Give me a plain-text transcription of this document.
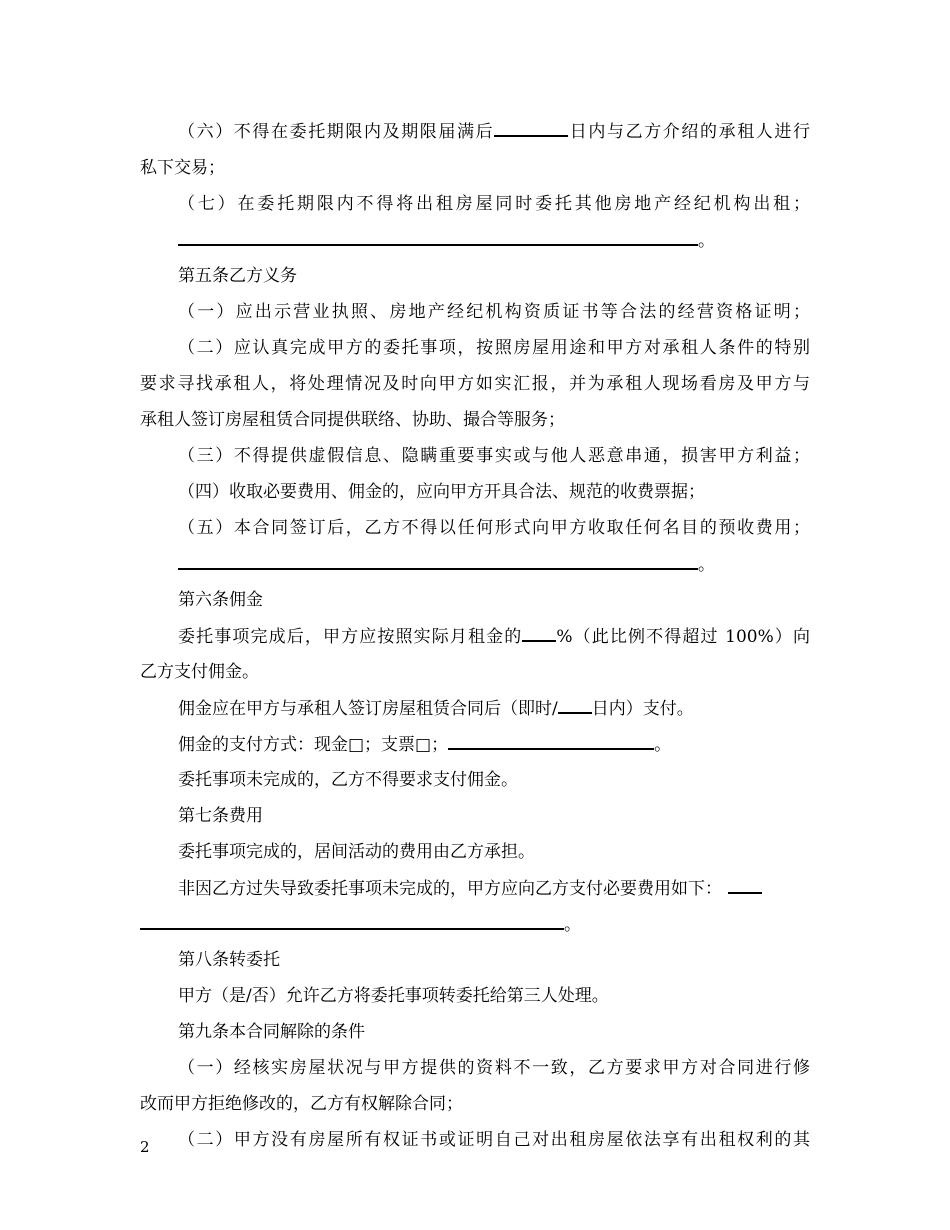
（六）不得在委托期限内及期限届满后	日内与乙方介绍的承租人进行
私下交易；
（七）在委托期限内不得将出租房屋同时委托其他房地产经纪机构出租；
。
第五条乙方义务
（一）应出示营业执照、房地产经纪机构资质证书等合法的经营资格证明；
（二）应认真完成甲方的委托事项，按照房屋用途和甲方对承租人条件的特别
要求寻找承租人，将处理情况及时向甲方如实汇报，并为承租人现场看房及甲方与
承租人签订房屋租赁合同提供联络、协助、撮合等服务；
（三）不得提供虚假信息、隐瞒重要事实或与他人恶意串通，损害甲方利益；
（四）收取必要费用、佣金的，应向甲方开具合法、规范的收费票据；
（五）本合同签订后，乙方不得以任何形式向甲方收取任何名目的预收费用；
。
第六条佣金
委托事项完成后，甲方应按照实际月租金的 %（此比例不得超过 100%）向
乙方支付佣金。
佣金应在甲方与承租人签订房屋租赁合同后（即时/ 日内）支付。
佣金的支付方式：现金□；支票□；	。
委托事项未完成的，乙方不得要求支付佣金。
第七条费用
委托事项完成的，居间活动的费用由乙方承担。
非因乙方过失导致委托事项未完成的，甲方应向乙方支付必要费用如下：
。
第八条转委托
甲方（是/否）允许乙方将委托事项转委托给第三人处理。
第九条本合同解除的条件
（一）经核实房屋状况与甲方提供的资料不一致，乙方要求甲方对合同进行修
改而甲方拒绝修改的，乙方有权解除合同；
（二）甲方没有房屋所有权证书或证明自己对出租房屋依法享有出租权利的其
2
